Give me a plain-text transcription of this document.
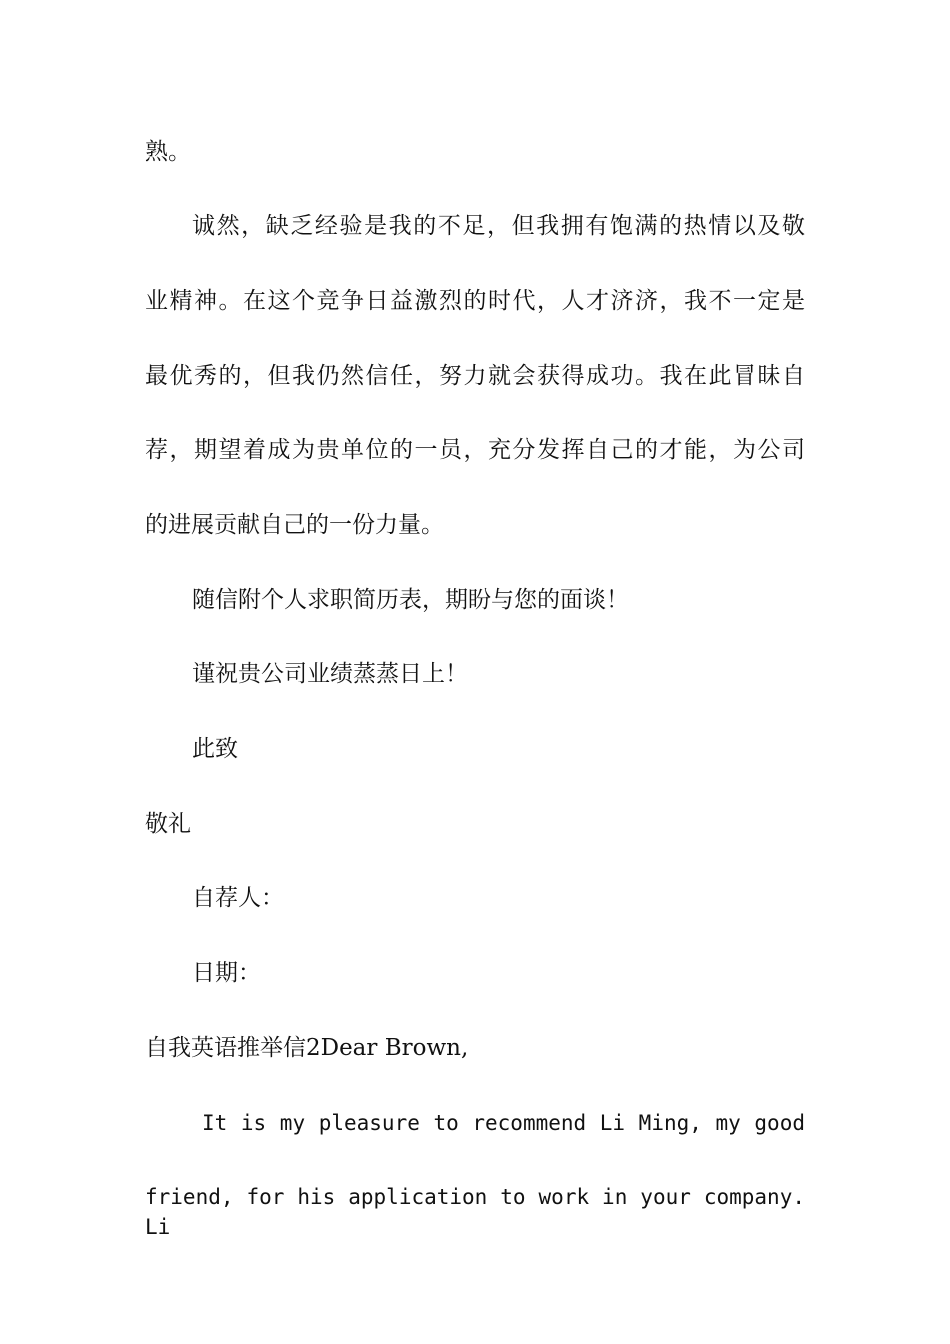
熟。

诚然，缺乏经验是我的不足，但我拥有饱满的热情以及敬

业精神。在这个竞争日益激烈的时代，人才济济，我不一定是

最优秀的，但我仍然信任，努力就会获得成功。我在此冒昧自

荐，期望着成为贵单位的一员，充分发挥自己的才能，为公司

的进展贡献自己的一份力量。

随信附个人求职简历表，期盼与您的面谈！

谨祝贵公司业绩蒸蒸日上！

此致

敬礼

自荐人：

日期：

自我英语推举信2Dear Brown,

It is my pleasure to recommend Li Ming, my good

friend, for his application to work in your company. Li
